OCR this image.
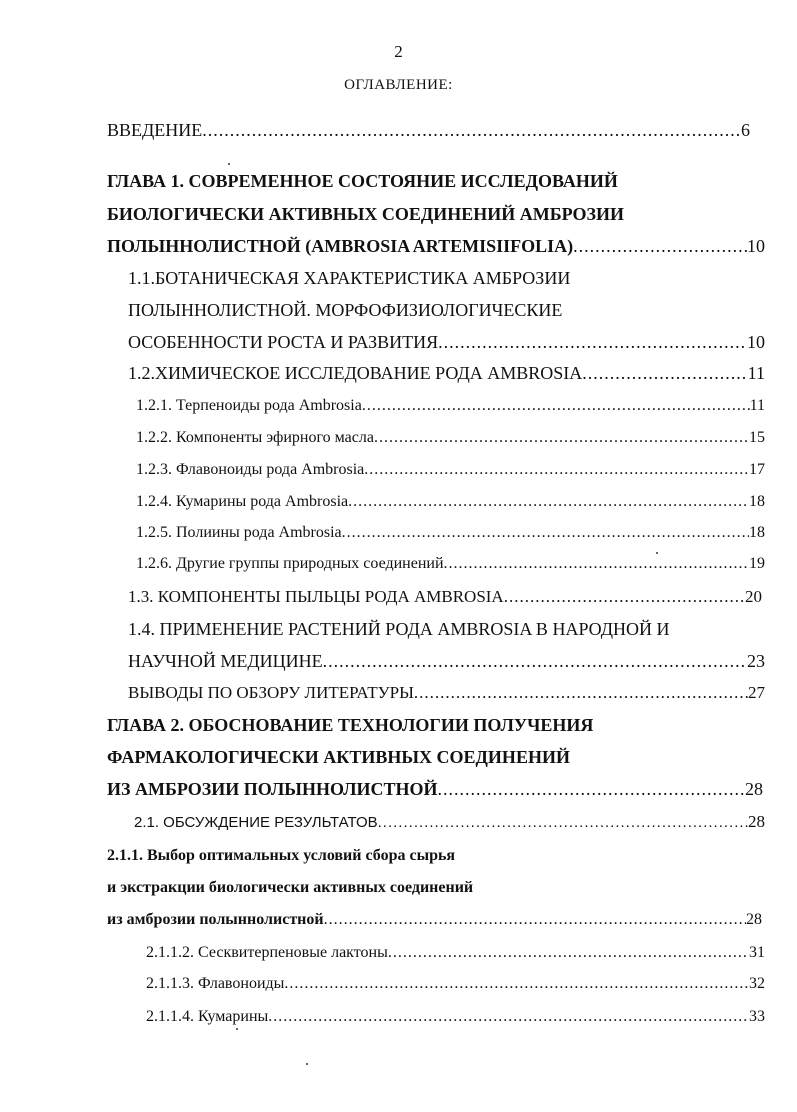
2
ОГЛАВЛЕНИЕ:
ВВЕДЕНИЕ .....	6
ГЛАВА 1. СОВРЕМЕННОЕ СОСТОЯНИЕ ИССЛЕДОВАНИЙ
БИОЛОГИЧЕСКИ АКТИВНЫХ СОЕДИНЕНИЙ АМБРОЗИИ
ПОЛЫННОЛИСТНОЙ (AMBROSIA ARTEMISIIFOLIA) .....	10
1.1.БОТАНИЧЕСКАЯ ХАРАКТЕРИСТИКА АМБРОЗИИ
ПОЛЫННОЛИСТНОЙ. МОРФОФИЗИОЛОГИЧЕСКИЕ
ОСОБЕННОСТИ РОСТА И РАЗВИТИЯ .....	10
1.2.ХИМИЧЕСКОЕ ИССЛЕДОВАНИЕ РОДА AMBROSIA .....	11
1.2.1. Терпеноиды рода Ambrosia .....	11
1.2.2. Компоненты эфирного масла .....	15
1.2.3. Флавоноиды рода Ambrosia .....	17
1.2.4. Кумарины рода Ambrosia .....	18
1.2.5. Полиины рода Ambrosia .....	18
1.2.6. Другие группы природных соединений .....	19
1.3. КОМПОНЕНТЫ ПЫЛЬЦЫ РОДА AMBROSIA .....	20
1.4. ПРИМЕНЕНИЕ РАСТЕНИЙ РОДА AMBROSIA В НАРОДНОЙ И
НАУЧНОЙ МЕДИЦИНЕ .....	23
ВЫВОДЫ ПО ОБЗОРУ ЛИТЕРАТУРЫ .....	27
ГЛАВА 2. ОБОСНОВАНИЕ ТЕХНОЛОГИИ ПОЛУЧЕНИЯ
ФАРМАКОЛОГИЧЕСКИ АКТИВНЫХ СОЕДИНЕНИЙ
ИЗ АМБРОЗИИ ПОЛЫННОЛИСТНОЙ .....	28
2.1. ОБСУЖДЕНИЕ РЕЗУЛЬТАТОВ .....	28
2.1.1. Выбор оптимальных условий сбора сырья
и экстракции биологически активных соединений
из амброзии полыннолистной .....	28
2.1.1.2. Сесквитерпеновые лактоны .....	31
2.1.1.3. Флавоноиды .....	32
2.1.1.4. Кумарины .....	33
